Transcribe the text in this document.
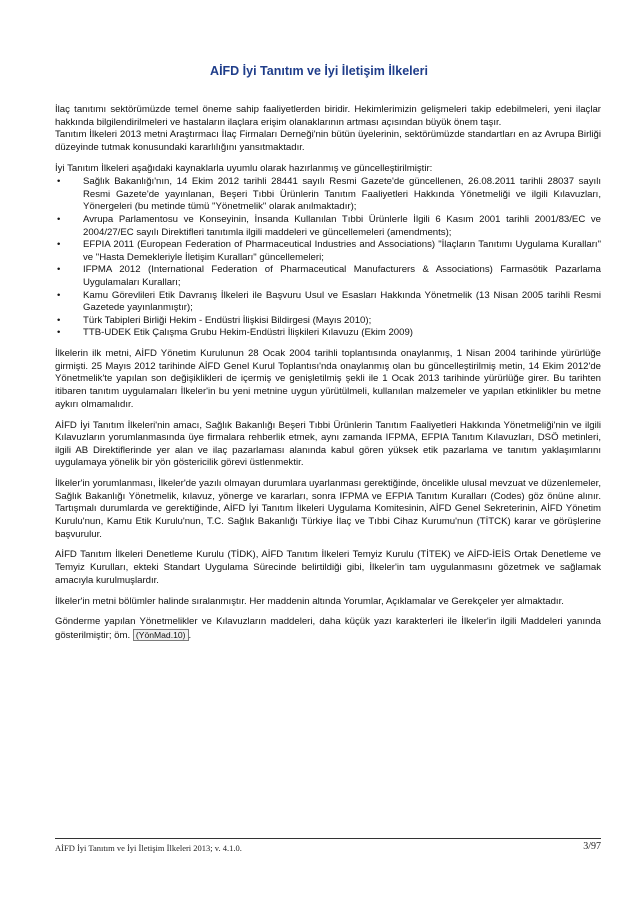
AİFD İyi Tanıtım ve İyi İletişim İlkeleri

İlaç tanıtımı sektörümüzde temel öneme sahip faaliyetlerden biridir. Hekimlerimizin gelişmeleri takip edebilmeleri, yeni ilaçlar hakkında bilgilendirilmeleri ve hastaların ilaçlara erişim olanaklarının artması açısından büyük önem taşır.
Tanıtım İlkeleri 2013 metni Araştırmacı İlaç Firmaları Derneği'nin bütün üyelerinin, sektörümüzde standartları en az Avrupa Birliği düzeyinde tutmak konusundaki kararlılığını yansıtmaktadır.

İyi Tanıtım İlkeleri aşağıdaki kaynaklarla uyumlu olarak hazırlanmış ve güncelleştirilmiştir:

• Sağlık Bakanlığı'nın, 14 Ekim 2012 tarihli 28441 sayılı Resmi Gazete'de güncellenen, 26.08.2011 tarihli 28037 sayılı Resmi Gazete'de yayınlanan, Beşeri Tıbbi Ürünlerin Tanıtım Faaliyetleri Hakkında Yönetmeliği ve ilgili Kılavuzları, Yönergeleri (bu metinde tümü "Yönetmelik" olarak anılmaktadır);
• Avrupa Parlamentosu ve Konseyinin, İnsanda Kullanılan Tıbbi Ürünlerle İlgili 6 Kasım 2001 tarihli 2001/83/EC ve 2004/27/EC sayılı Direktifleri tanıtımla ilgili maddeleri ve güncellemeleri (amendments);
• EFPIA 2011 (European Federation of Pharmaceutical Industries and Associations) "İlaçların Tanıtımı Uygulama Kuralları" ve "Hasta Demekleriyle İletişim Kuralları" güncellemeleri;
• IFPMA 2012 (International Federation of Pharmaceutical Manufacturers & Associations) Farmasötik Pazarlama Uygulamaları Kuralları;
• Kamu Görevlileri Etik Davranış İlkeleri ile Başvuru Usul ve Esasları Hakkında Yönetmelik (13 Nisan 2005 tarihli Resmi Gazetede yayınlanmıştır);
• Türk Tabipleri Birliği Hekim - Endüstri İlişkisi Bildirgesi (Mayıs 2010);
• TTB-UDEK Etik Çalışma Grubu Hekim-Endüstri İlişkileri Kılavuzu (Ekim 2009)

İlkelerin ilk metni, AİFD Yönetim Kurulunun 28 Ocak 2004 tarihli toplantısında onaylanmış, 1 Nisan 2004 tarihinde yürürlüğe girmişti. 25 Mayıs 2012 tarihinde AİFD Genel Kurul Toplantısı'nda onaylanmış olan bu güncelleştirilmiş metin, 14 Ekim 2012'de Yönetmelik'te yapılan son değişiklikleri de içermiş ve genişletilmiş şekli ile 1 Ocak 2013 tarihinde yürürlüğe girer. Bu tarihten itibaren tanıtım uygulamaları İlkeler'in bu yeni metnine uygun yürütülmeli, kullanılan malzemeler ve yapılan etkinlikler bu metne aykırı olmamalıdır.

AİFD İyi Tanıtım İlkeleri'nin amacı, Sağlık Bakanlığı Beşeri Tıbbi Ürünlerin Tanıtım Faaliyetleri Hakkında Yönetmeliği'nin ve ilgili Kılavuzların yorumlanmasında üye firmalara rehberlik etmek, aynı zamanda IFPMA, EFPIA Tanıtım Kılavuzları, DSÖ metinleri, ilgili AB Direktiflerinde yer alan ve ilaç pazarlaması alanında kabul gören yüksek etik pazarlama ve tanıtım yaklaşımlarını uygulamaya yönelik bir yön göstericilik görevi üstlenmektir.

İlkeler'in yorumlanması, İlkeler'de yazılı olmayan durumlara uyarlanması gerektiğinde, öncelikle ulusal mevzuat ve düzenlemeler, Sağlık Bakanlığı Yönetmelik, kılavuz, yönerge ve kararları, sonra IFPMA ve EFPIA Tanıtım Kuralları (Codes) göz önüne alınır. Tartışmalı durumlarda ve gerektiğinde, AİFD İyi Tanıtım İlkeleri Uygulama Komitesinin, AİFD Genel Sekreterinin, AİFD Yönetim Kurulu'nun, Kamu Etik Kurulu'nun, T.C. Sağlık Bakanlığı Türkiye İlaç ve Tıbbi Cihaz Kurumu'nun (TİTCK) karar ve görüşlerine başvurulur.

AİFD Tanıtım İlkeleri Denetleme Kurulu (TİDK), AİFD Tanıtım İlkeleri Temyiz Kurulu (TİTEK) ve AİFD-İEİS Ortak Denetleme ve Temyiz Kurulları, ekteki Standart Uygulama Sürecinde belirtildiği gibi, İlkeler'in tam uygulanmasını gözetmek ve sağlamak amacıyla kurulmuşlardır.

İlkeler'in metni bölümler halinde sıralanmıştır. Her maddenin altında Yorumlar, Açıklamalar ve Gerekçeler yer almaktadır.

Gönderme yapılan Yönetmelikler ve Kılavuzların maddeleri, daha küçük yazı karakterleri ile İlkeler'in ilgili Maddeleri yanında gösterilmiştir; öm. (YönMad.10) .

AİFD İyi Tanıtım ve İyi İletişim İlkeleri 2013; v. 4.1.0.	3/97
